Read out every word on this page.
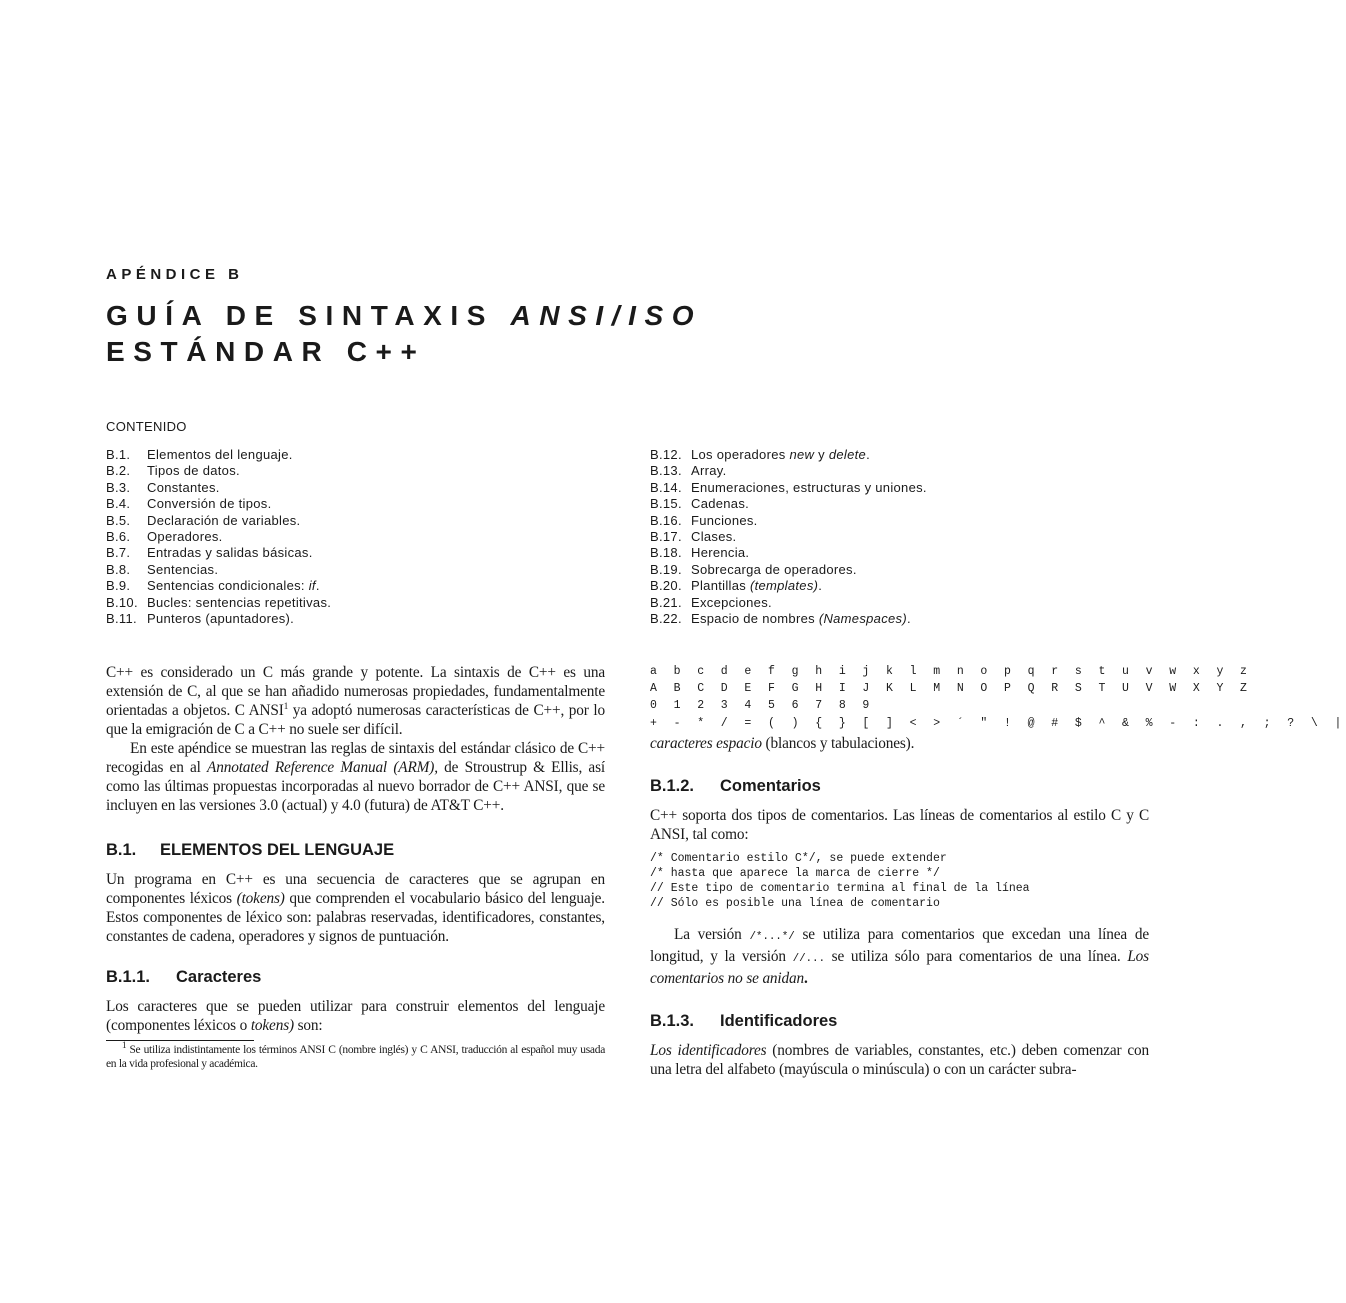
APÉNDICE B
GUÍA DE SINTAXIS ANSI/ISO
ESTÁNDAR C++
CONTENIDO
B.1. Elementos del lenguaje.
B.2. Tipos de datos.
B.3. Constantes.
B.4. Conversión de tipos.
B.5. Declaración de variables.
B.6. Operadores.
B.7. Entradas y salidas básicas.
B.8. Sentencias.
B.9. Sentencias condicionales: if.
B.10. Bucles: sentencias repetitivas.
B.11. Punteros (apuntadores).
B.12. Los operadores new y delete.
B.13. Array.
B.14. Enumeraciones, estructuras y uniones.
B.15. Cadenas.
B.16. Funciones.
B.17. Clases.
B.18. Herencia.
B.19. Sobrecarga de operadores.
B.20. Plantillas (templates).
B.21. Excepciones.
B.22. Espacio de nombres (Namespaces).

C++ es considerado un C más grande y potente. La sintaxis de C++ es una extensión de C, al que se han añadido numerosas propiedades, fundamentalmente orientadas a objetos. C ANSI$^1$ ya adoptó numerosas características de C++, por lo que la emigración de C a C++ no suele ser difícil.

En este apéndice se muestran las reglas de sintaxis del estándar clásico de C++ recogidas en al Annotated Reference Manual (ARM), de Stroustrup & Ellis, así como las últimas propuestas incorporadas al nuevo borrador de C++ ANSI, que se incluyen en las versiones 3.0 (actual) y 4.0 (futura) de AT&T C++.

B.1. ELEMENTOS DEL LENGUAJE

Un programa en C++ es una secuencia de caracteres que se agrupan en componentes léxicos (tokens) que comprenden el vocabulario básico del lenguaje. Estos componentes de léxico son: palabras reservadas, identificadores, constantes, constantes de cadena, operadores y signos de puntuación.

B.1.1. Caracteres

Los caracteres que se pueden utilizar para construir elementos del lenguaje (componentes léxicos o tokens) son:

$^1$ Se utiliza indistintamente los términos ANSI C (nombre inglés) y C ANSI, traducción al español muy usada en la vida profesional y académica.

a b c d e f g h i j k l m n o p q r s t u v w x y z

A B C D E F G H I J K L M N O P Q R S T U V W X Y Z

0 1 2 3 4 5 6 7 8 9

+ - * / = ( ) { } [ ] < > ´ " ! @ # $ ^ & % - : . , ; ? \ |

caracteres espacio (blancos y tabulaciones).

B.1.2. Comentarios

C++ soporta dos tipos de comentarios. Las líneas de comentarios al estilo C y C ANSI, tal como:

/* Comentario estilo C*/, se puede extender

/* hasta que aparece la marca de cierre */

// Este tipo de comentario termina al final de la línea

// Sólo es posible una línea de comentario

La versión /*...*/ se utiliza para comentarios que excedan una línea de longitud, y la versión //... se utiliza sólo para comentarios de una línea. Los comentarios no se anidan.

B.1.3. Identificadores

Los identificadores (nombres de variables, constantes, etc.) deben comenzar con una letra del alfabeto (mayúscula o minúscula) o con un carácter subra-
